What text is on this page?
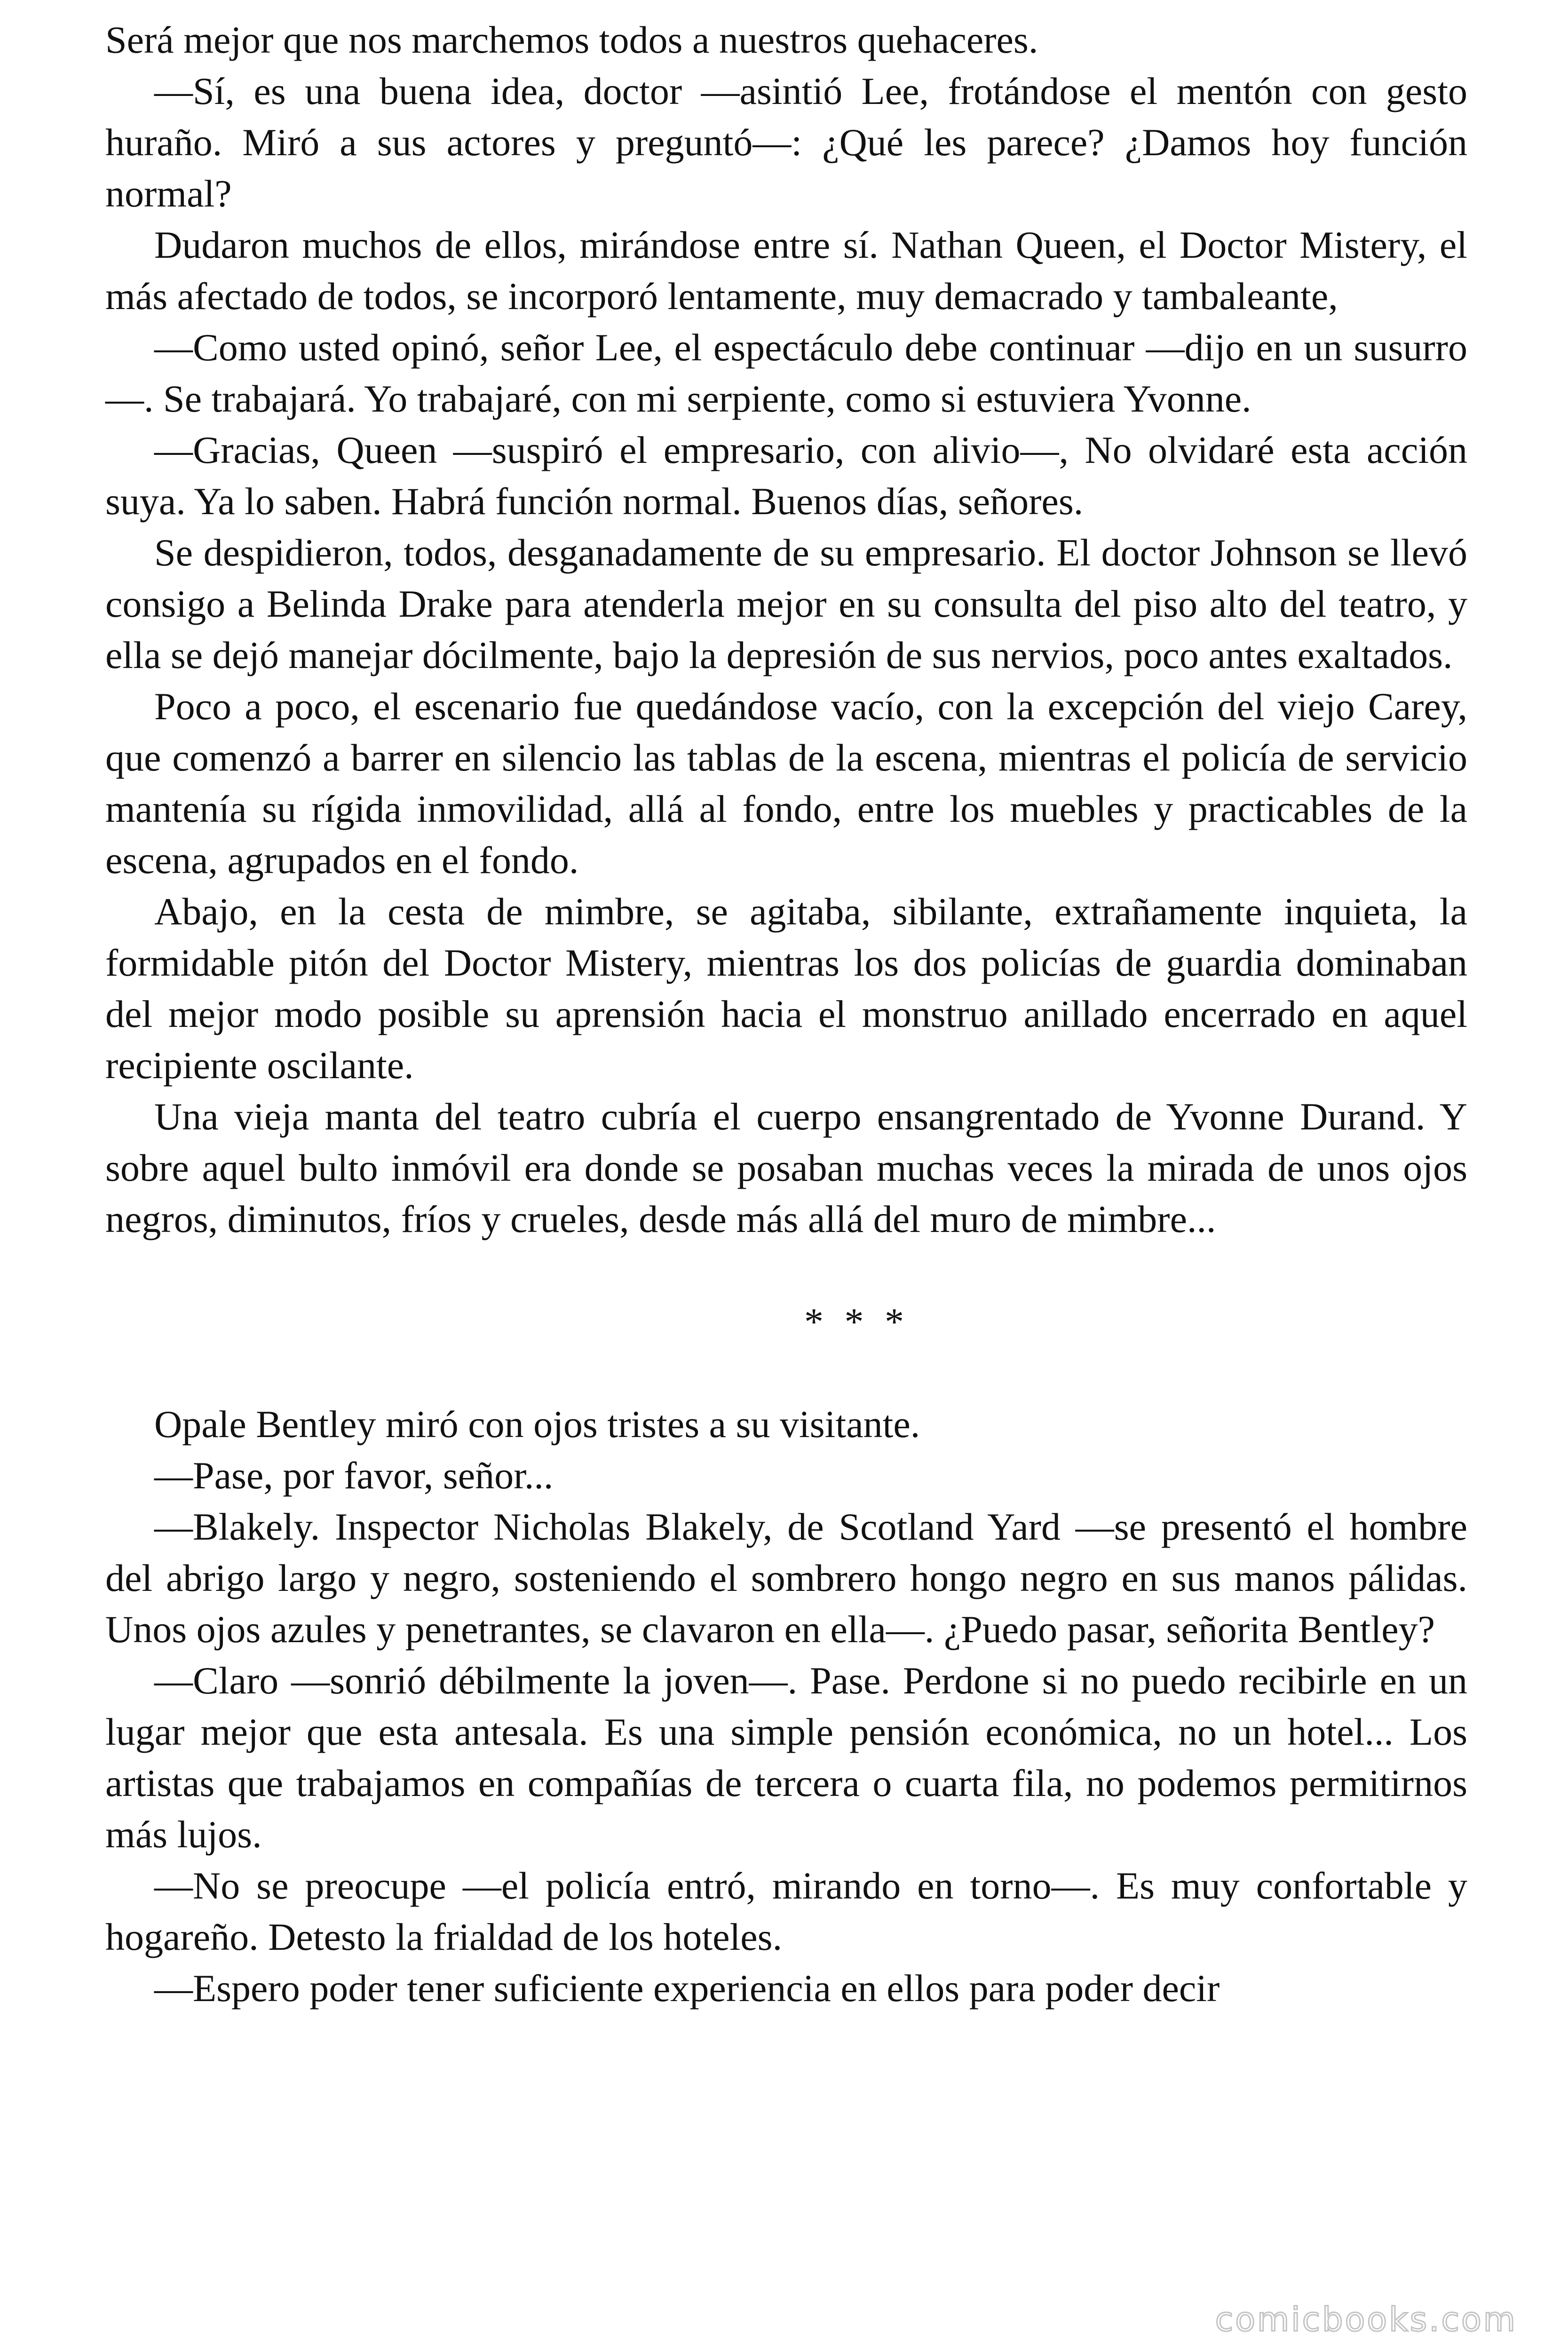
Será mejor que nos marchemos todos a nuestros quehaceres.

—Sí, es una buena idea, doctor —asintió Lee, frotándose el mentón con gesto huraño. Miró a sus actores y preguntó—: ¿Qué les parece? ¿Damos hoy función normal?

Dudaron muchos de ellos, mirándose entre sí. Nathan Queen, el Doctor Mistery, el más afectado de todos, se incorporó lentamente, muy demacrado y tambaleante,

—Como usted opinó, señor Lee, el espectáculo debe continuar —dijo en un susurro—. Se trabajará. Yo trabajaré, con mi serpiente, como si estuviera Yvonne.

—Gracias, Queen —suspiró el empresario, con alivio—, No olvidaré esta acción suya. Ya lo saben. Habrá función normal. Buenos días, señores.

Se despidieron, todos, desganadamente de su empresario. El doctor Johnson se llevó consigo a Belinda Drake para atenderla mejor en su consulta del piso alto del teatro, y ella se dejó manejar dócilmente, bajo la depresión de sus nervios, poco antes exaltados.

Poco a poco, el escenario fue quedándose vacío, con la excepción del viejo Carey, que comenzó a barrer en silencio las tablas de la escena, mientras el policía de servicio mantenía su rígida inmovilidad, allá al fondo, entre los muebles y practicables de la escena, agrupados en el fondo.

Abajo, en la cesta de mimbre, se agitaba, sibilante, extrañamente inquieta, la formidable pitón del Doctor Mistery, mientras los dos policías de guardia dominaban del mejor modo posible su aprensión hacia el monstruo anillado encerrado en aquel recipiente oscilante.

Una vieja manta del teatro cubría el cuerpo ensangrentado de Yvonne Durand. Y sobre aquel bulto inmóvil era donde se posaban muchas veces la mirada de unos ojos negros, diminutos, fríos y crueles, desde más allá del muro de mimbre...

* * *

Opale Bentley miró con ojos tristes a su visitante.

—Pase, por favor, señor...

—Blakely. Inspector Nicholas Blakely, de Scotland Yard —se presentó el hombre del abrigo largo y negro, sosteniendo el sombrero hongo negro en sus manos pálidas. Unos ojos azules y penetrantes, se clavaron en ella—. ¿Puedo pasar, señorita Bentley?

—Claro —sonrió débilmente la joven—. Pase. Perdone si no puedo recibirle en un lugar mejor que esta antesala. Es una simple pensión económica, no un hotel... Los artistas que trabajamos en compañías de tercera o cuarta fila, no podemos permitirnos más lujos.

—No se preocupe —el policía entró, mirando en torno—. Es muy confortable y hogareño. Detesto la frialdad de los hoteles.

—Espero poder tener suficiente experiencia en ellos para poder decir

comicbooks.com
